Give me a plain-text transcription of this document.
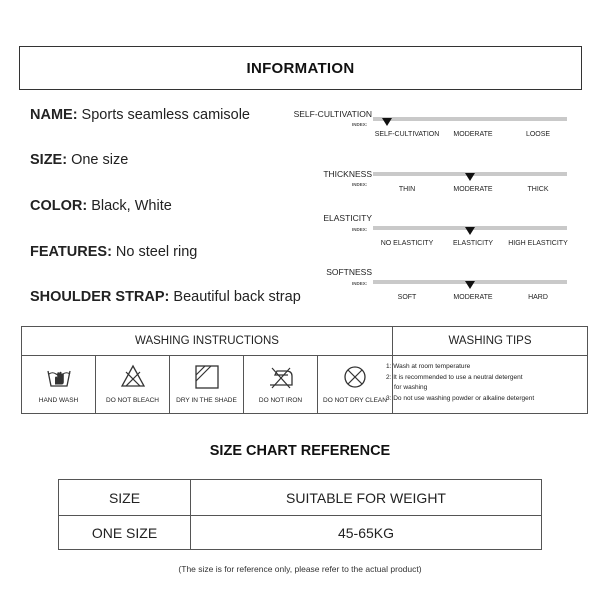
INFORMATION
NAME: Sports seamless camisole
SIZE: One size
COLOR: Black, White
FEATURES: No steel ring
SHOULDER STRAP: Beautiful back strap
SELF-CULTIVATION
INDEX:
SELF-CULTIVATION MODERATE	LOOSE
THICKNESS
INDEX:
THIN	MODERATE	THICK
ELASTICITY
INDEX:
NO ELASTICITY	ELASTICITY HIGH ELASTICITY
SOFTNESS
INDEX:
SOFT	MODERATE	HARD
WASHING INSTRUCTIONS	WASHING TIPS
HAND WASH	DO NOT BLEACH	DRY IN THE SHADE	DO NOT IRON	DO NOT DRY CLEAN
1: Wash at room temperature
2: It is recommended to use a neutral detergent
for washing
3: Do not use washing powder or alkaline detergent
SIZE CHART REFERENCE
SIZE	SUITABLE FOR WEIGHT
ONE SIZE	45-65KG
(The size is for reference only, please refer to the actual product)
